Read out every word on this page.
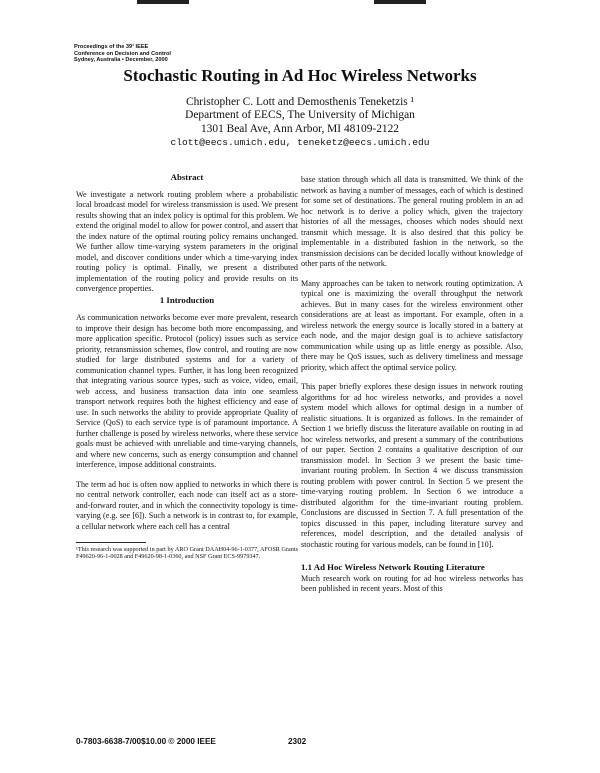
Proceedings of the 39¹ IEEE
Conference on Decision and Control
Sydney, Australia • December, 2000
Stochastic Routing in Ad Hoc Wireless Networks
Christopher C. Lott and Demosthenis Teneketzis ¹
Department of EECS, The University of Michigan
1301 Beal Ave, Ann Arbor, MI 48109-2122
clott@eecs.umich.edu, teneketz@eecs.umich.edu
Abstract

We investigate a network routing problem where a probabilistic local broadcast model for wireless transmission is used. We present results showing that an index policy is optimal for this problem. We extend the original model to allow for power control, and assert that the index nature of the optimal routing policy remains unchanged. We further allow time-varying system parameters in the original model, and discover conditions under which a time-varying index routing policy is optimal. Finally, we present a distributed implementation of the routing policy and provide results on its convergence properties.

1 Introduction

As communication networks become ever more prevalent, research to improve their design has become both more encompassing, and more application specific. Protocol (policy) issues such as service priority, retransmission schemes, flow control, and routing are now studied for large distributed systems and for a variety of communication channel types. Further, it has long been recognized that integrating various source types, such as voice, video, email, web access, and business transaction data into one seamless transport network requires both the highest efficiency and ease of use. In such networks the ability to provide appropriate Quality of Service (QoS) to each service type is of paramount importance. A further challenge is posed by wireless networks, where these service goals must be achieved with unreliable and time-varying channels, and where new concerns, such as energy consumption and channel interference, impose additional constraints.

The term ad hoc is often now applied to networks in which there is no central network controller, each node can itself act as a store-and-forward router, and in which the connectivity topology is time-varying (e.g. see [6]). Such a network is in contrast to, for example, a cellular network where each cell has a central

¹This research was supported in part by ARO Grant DAAH04-96-1-0377, AFOSR Grants F49620-96-1-0028 and F49620-98-1-0360, and NSF Grant ECS-9979347.

base station through which all data is transmitted. We think of the network as having a number of messages, each of which is destined for some set of destinations. The general routing problem in an ad hoc network is to derive a policy which, given the trajectory histories of all the messages, chooses which nodes should next transmit which message. It is also desired that this policy be implementable in a distributed fashion in the network, so the transmission decisions can be decided locally without knowledge of other parts of the network.

Many approaches can be taken to network routing optimization. A typical one is maximizing the overall throughput the network achieves. But in many cases for the wireless environment other considerations are at least as important. For example, often in a wireless network the energy source is locally stored in a battery at each node, and the major design goal is to achieve satisfactory communication while using up as little energy as possible. Also, there may be QoS issues, such as delivery timeliness and message priority, which affect the optimal service policy.

This paper briefly explores these design issues in network routing algorithms for ad hoc wireless networks, and provides a novel system model which allows for optimal design in a number of realistic situations. It is organized as follows. In the remainder of Section 1 we briefly discuss the literature available on routing in ad hoc wireless networks, and present a summary of the contributions of our paper. Section 2 contains a qualitative description of our transmission model. In Section 3 we present the basic time-invariant routing problem. In Section 4 we discuss transmission routing problem with power control. In Section 5 we present the time-varying routing problem. In Section 6 we introduce a distributed algorithm for the time-invariant routing problem. Conclusions are discussed in Section 7. A full presentation of the topics discussed in this paper, including literature survey and references, model description, and the detailed analysis of stochastic routing for various models, can be found in [10].

1.1 Ad Hoc Wireless Network Routing Literature

Much research work on routing for ad hoc wireless networks has been published in recent years. Most of this

0-7803-6638-7/00$10.00 © 2000 IEEE	2302
